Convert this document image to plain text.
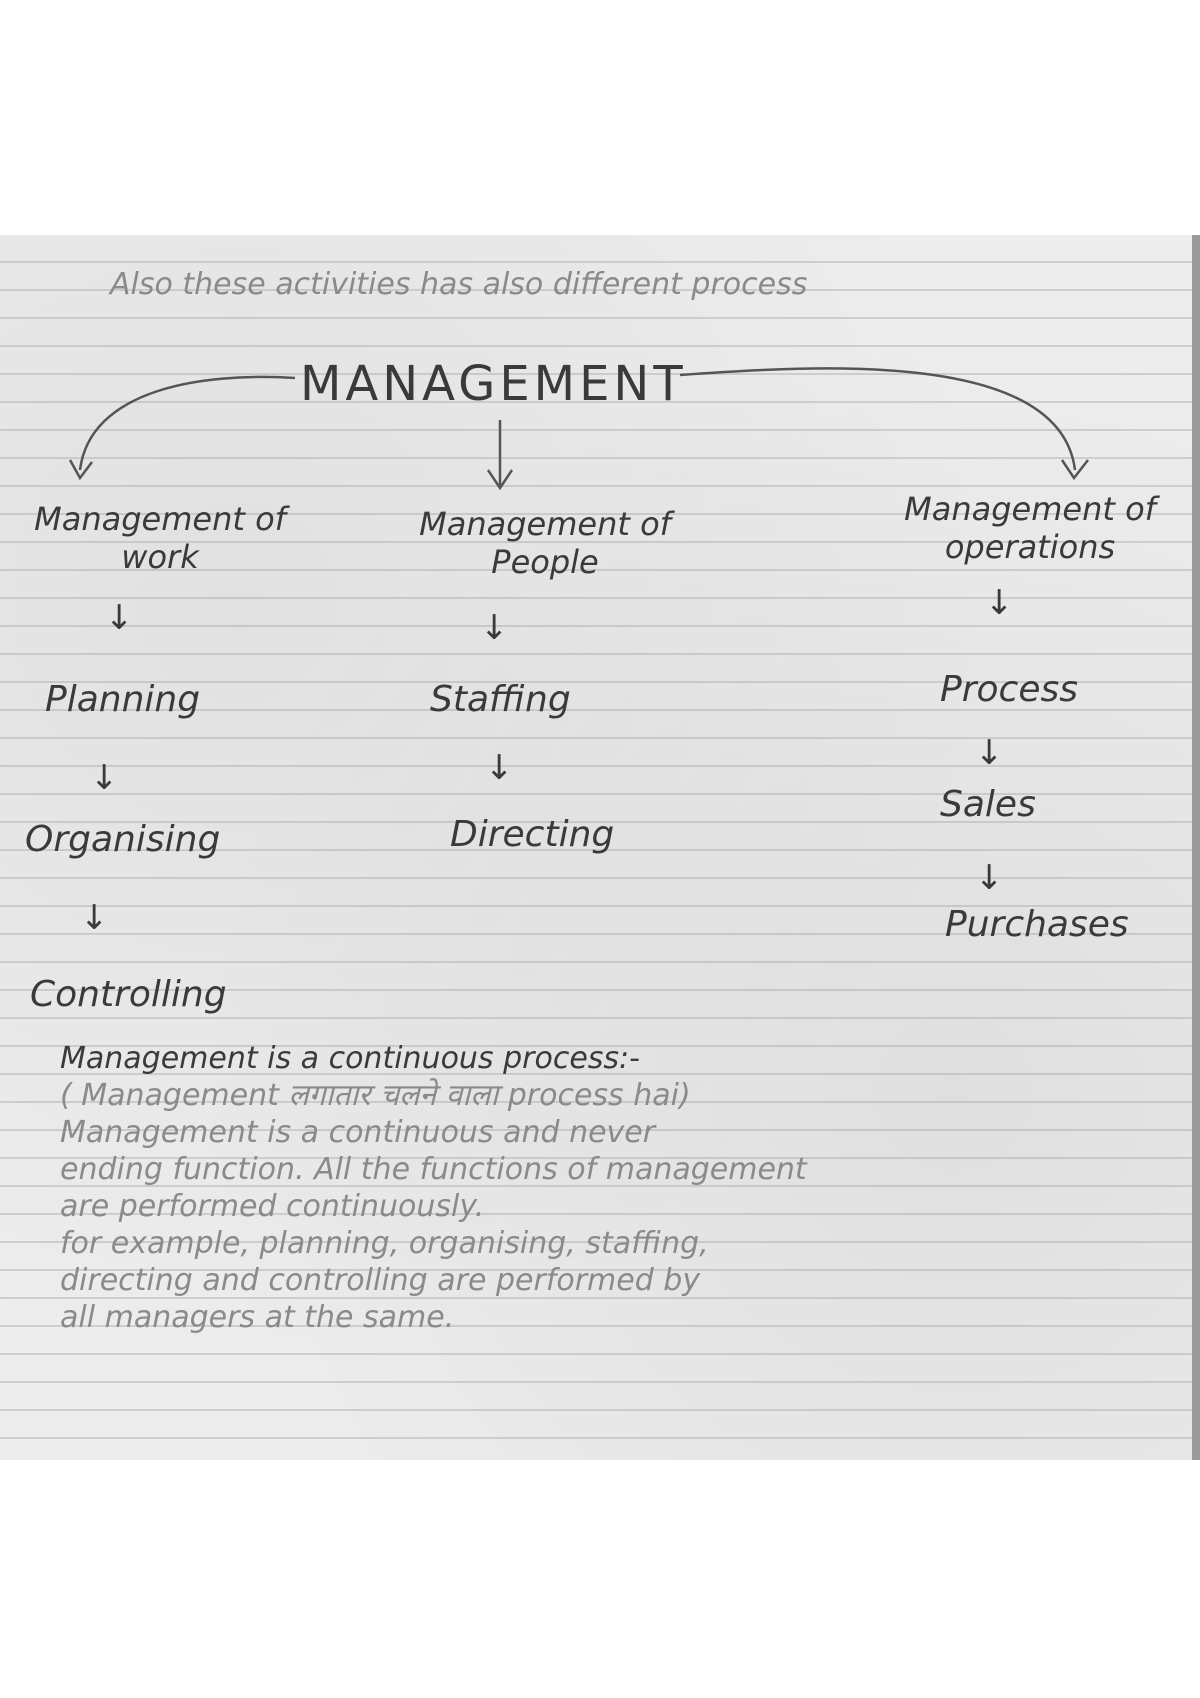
Also these activities has also different process
MANAGEMENT
Management of work
↓
Planning
↓
Organising
↓
Controlling
Management of People
↓
Staffing
↓
Directing
Management of operations
↓
Process
↓
Sales
↓
Purchases
Management is a continuous process:-
( Management लगातार चलने वाला process hai)
Management is a continuous and never
ending function. All the functions of management
are performed continuously.
for example, planning, organising, staffing,
directing and controlling are performed by
all managers at the same.
